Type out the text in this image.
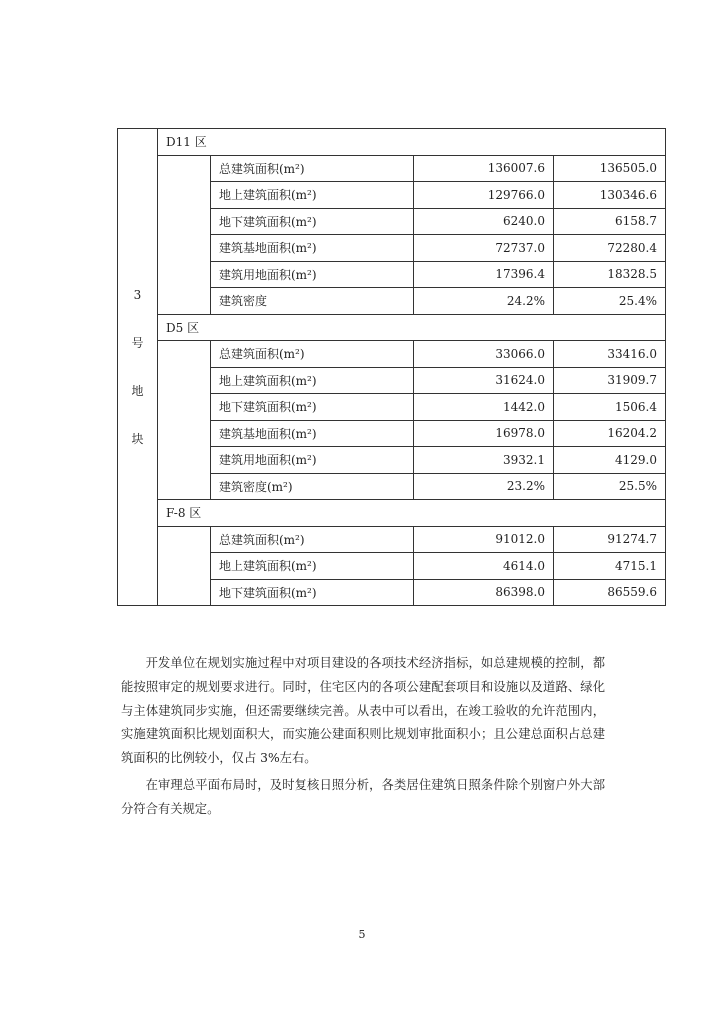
3
号
地
块	D11 区			
		总建筑面积(m²)	136007.6	136505.0
		地上建筑面积(m²)	129766.0	130346.6
		地下建筑面积(m²)	6240.0	6158.7
		建筑基地面积(m²)	72737.0	72280.4
		建筑用地面积(m²)	17396.4	18328.5
		建筑密度	24.2%	25.4%
	D5 区			
		总建筑面积(m²)	33066.0	33416.0
		地上建筑面积(m²)	31624.0	31909.7
		地下建筑面积(m²)	1442.0	1506.4
		建筑基地面积(m²)	16978.0	16204.2
		建筑用地面积(m²)	3932.1	4129.0
		建筑密度(m²)	23.2%	25.5%
	F-8 区			
		总建筑面积(m²)	91012.0	91274.7
		地上建筑面积(m²)	4614.0	4715.1
		地下建筑面积(m²)	86398.0	86559.6

开发单位在规划实施过程中对项目建设的各项技术经济指标，如总建规模的控制，都能按照审定的规划要求进行。同时，住宅区内的各项公建配套项目和设施以及道路、绿化与主体建筑同步实施，但还需要继续完善。从表中可以看出，在竣工验收的允许范围内，实施建筑面积比规划面积大，而实施公建面积则比规划审批面积小；且公建总面积占总建筑面积的比例较小，仅占 3%左右。

在审理总平面布局时，及时复核日照分析，各类居住建筑日照条件除个别窗户外大部分符合有关规定。

5
